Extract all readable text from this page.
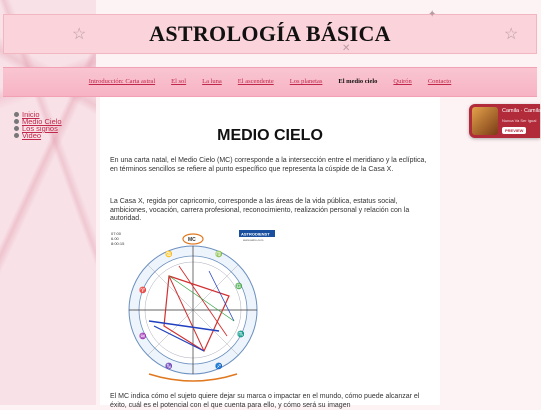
☆	☆
✕
✦
ASTROLOGÍA BÁSICA
Introducción: Carta astral	El sol	La luna	El ascendente	Los planetas	El medio cielo	Quirón	Contacto
Inicio
Medio Cielo
Los signos
Video	MEDIO CIELO

En una carta natal, el Medio Cielo (MC) corresponde a la intersección entre el meridiano y la eclíptica, en términos sencillos se refiere al punto específico que representa la cúspide de la Casa X.

La Casa X, regida por capricornio, corresponde a las áreas de la vida pública, estatus social, ambiciones, vocación, carrera profesional, reconocimiento, realización personal y relación con la autoridad.

07:00
6.00
8:00:15
ASTRODIENST
www.astro.com
MC
♈
♎
♏
♒
♋	♍
♑	♐

El MC indica cómo el sujeto quiere dejar su marca o impactar en el mundo, cómo puede alcanzar el éxito, cuál es el potencial con el que cuenta para ello, y cómo será su imagen

Camila · Camila
Nunca Va Ser Igual
PREVIEW
